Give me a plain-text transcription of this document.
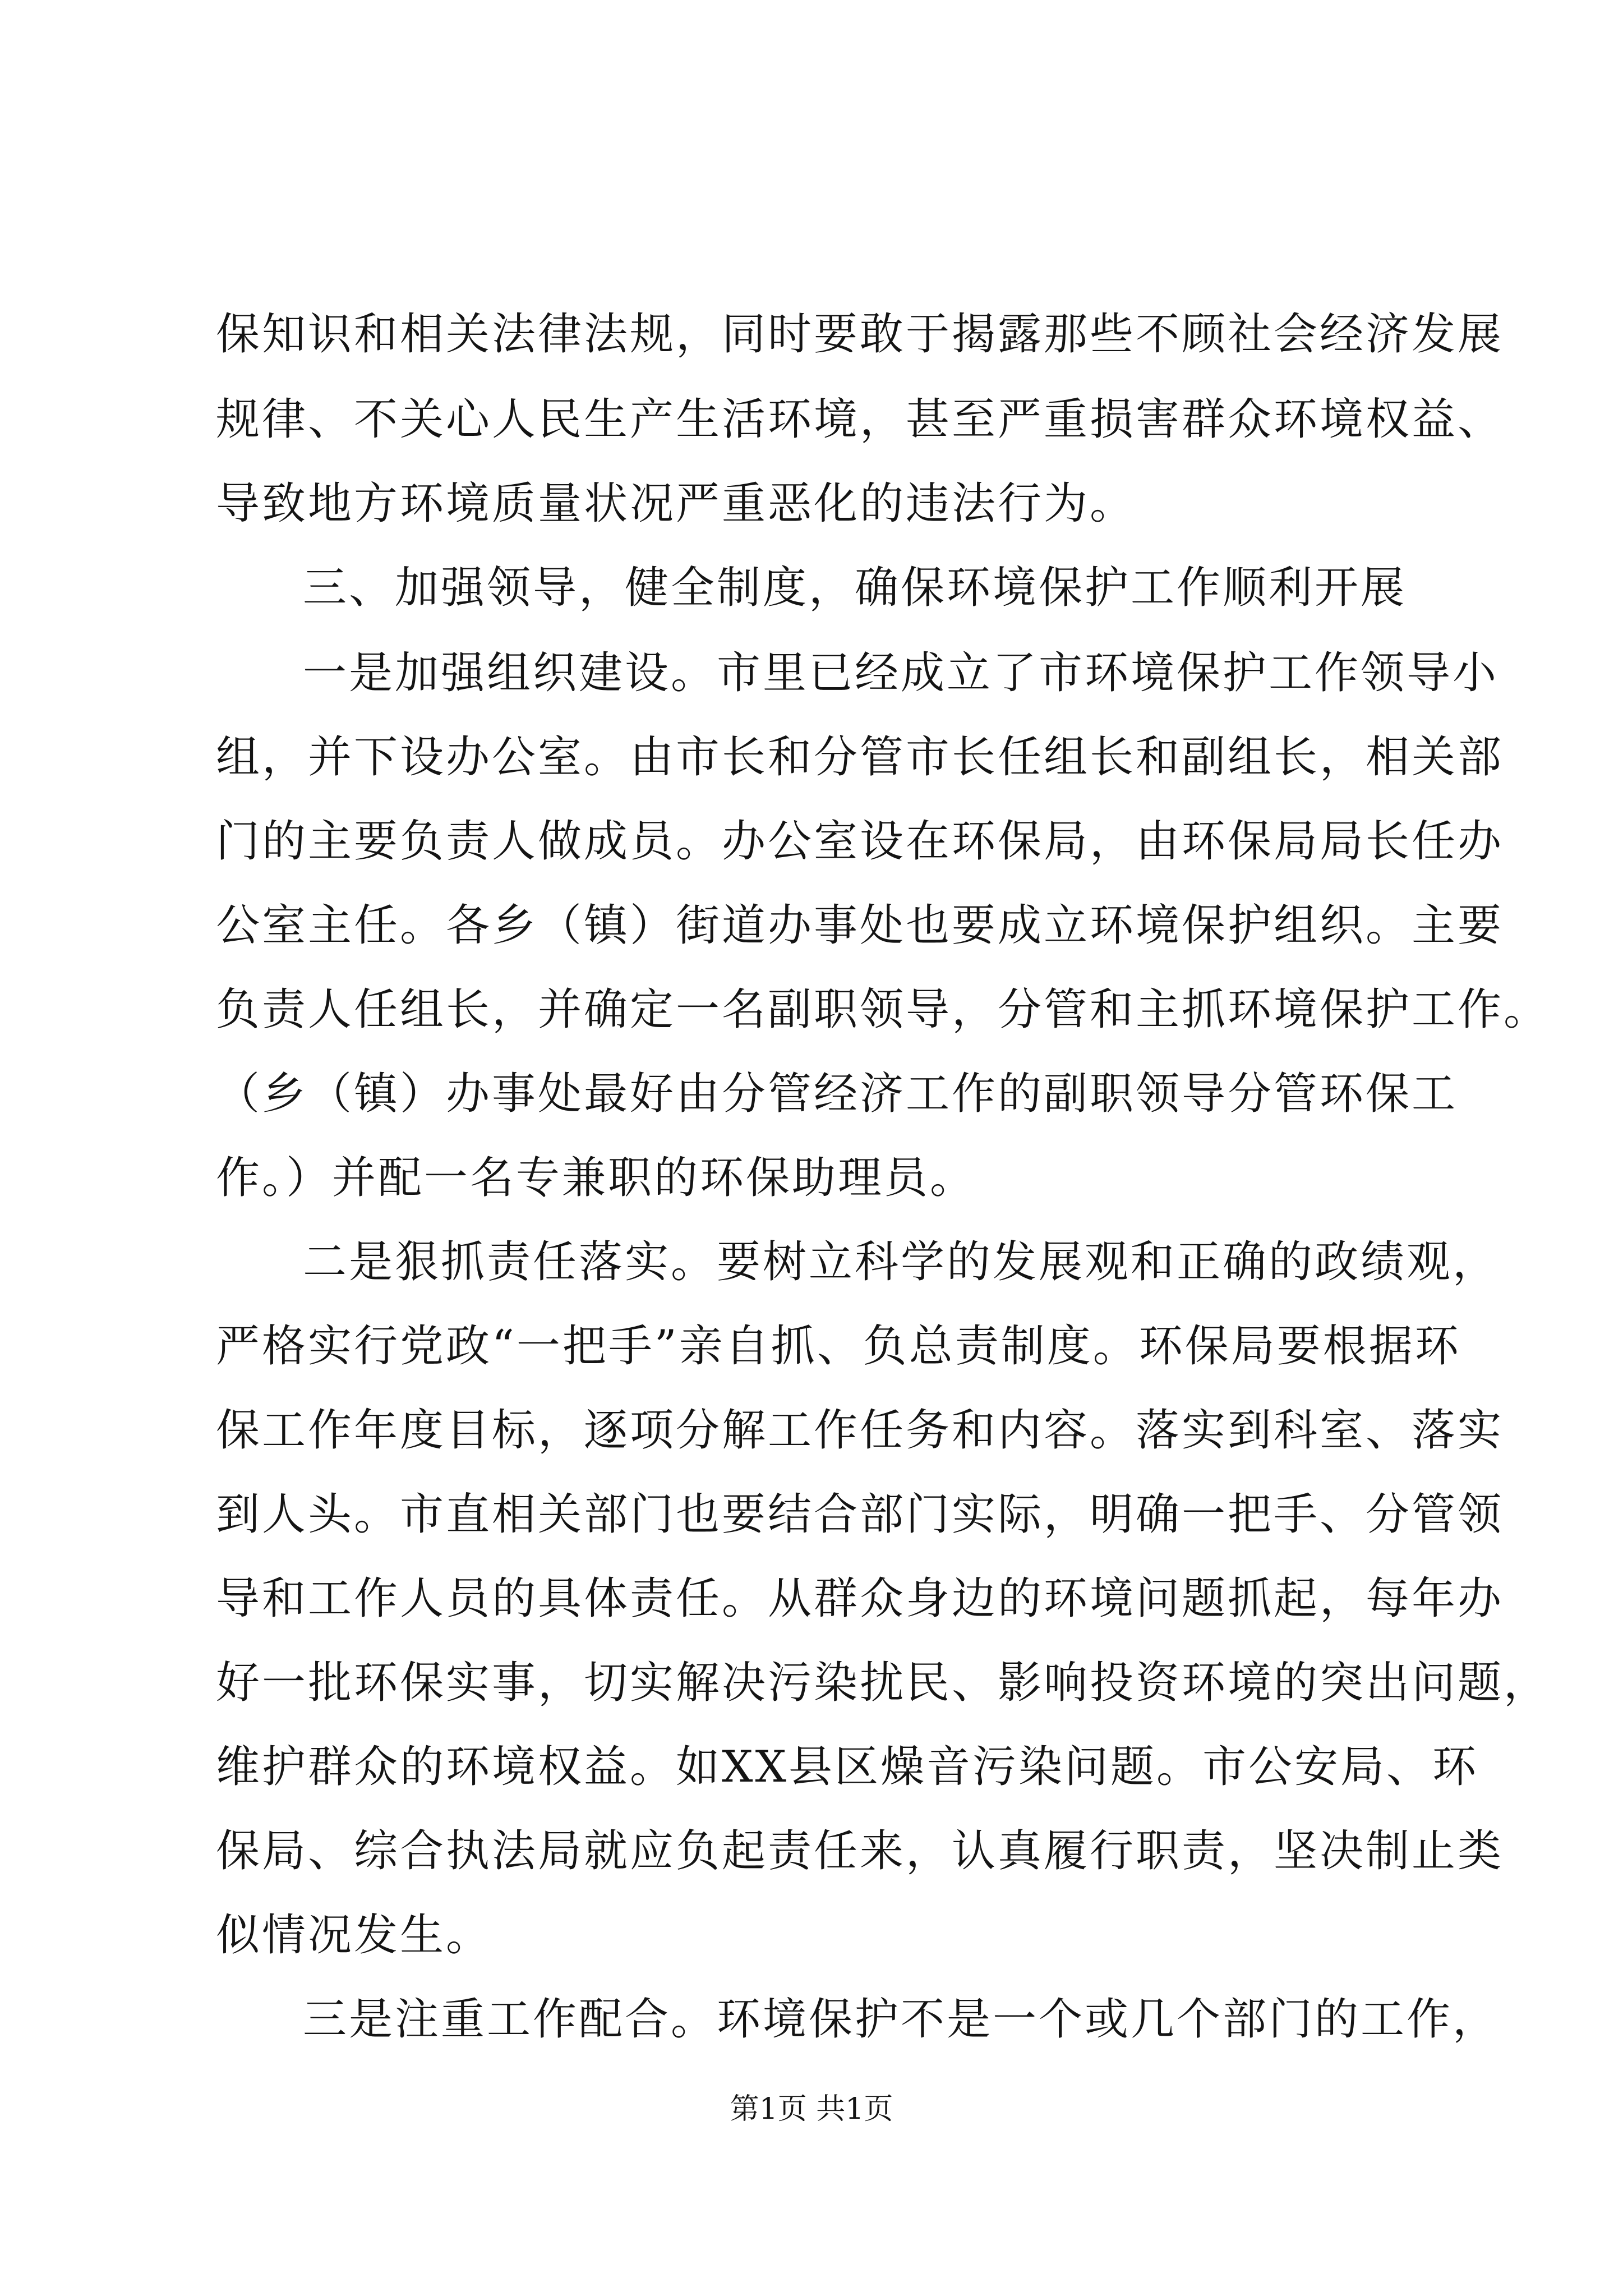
保知识和相关法律法规，同时要敢于揭露那些不顾社会经济发展
规律、不关心人民生产生活环境，甚至严重损害群众环境权益、
导致地方环境质量状况严重恶化的违法行为。
三、加强领导，健全制度，确保环境保护工作顺利开展
一是加强组织建设。市里已经成立了市环境保护工作领导小
组，并下设办公室。由市长和分管市长任组长和副组长，相关部
门的主要负责人做成员。办公室设在环保局，由环保局局长任办
公室主任。各乡（镇）街道办事处也要成立环境保护组织。主要
负责人任组长，并确定一名副职领导，分管和主抓环境保护工作。
（乡（镇）办事处最好由分管经济工作的副职领导分管环保工
作。）并配一名专兼职的环保助理员。
二是狠抓责任落实。要树立科学的发展观和正确的政绩观，
严格实行党政“一把手”亲自抓、负总责制度。环保局要根据环
保工作年度目标，逐项分解工作任务和内容。落实到科室、落实
到人头。市直相关部门也要结合部门实际，明确一把手、分管领
导和工作人员的具体责任。从群众身边的环境问题抓起，每年办
好一批环保实事，切实解决污染扰民、影响投资环境的突出问题，
维护群众的环境权益。如XX县区燥音污染问题。市公安局、环
保局、综合执法局就应负起责任来，认真履行职责，坚决制止类
似情况发生。
三是注重工作配合。环境保护不是一个或几个部门的工作，
第1页 共1页
